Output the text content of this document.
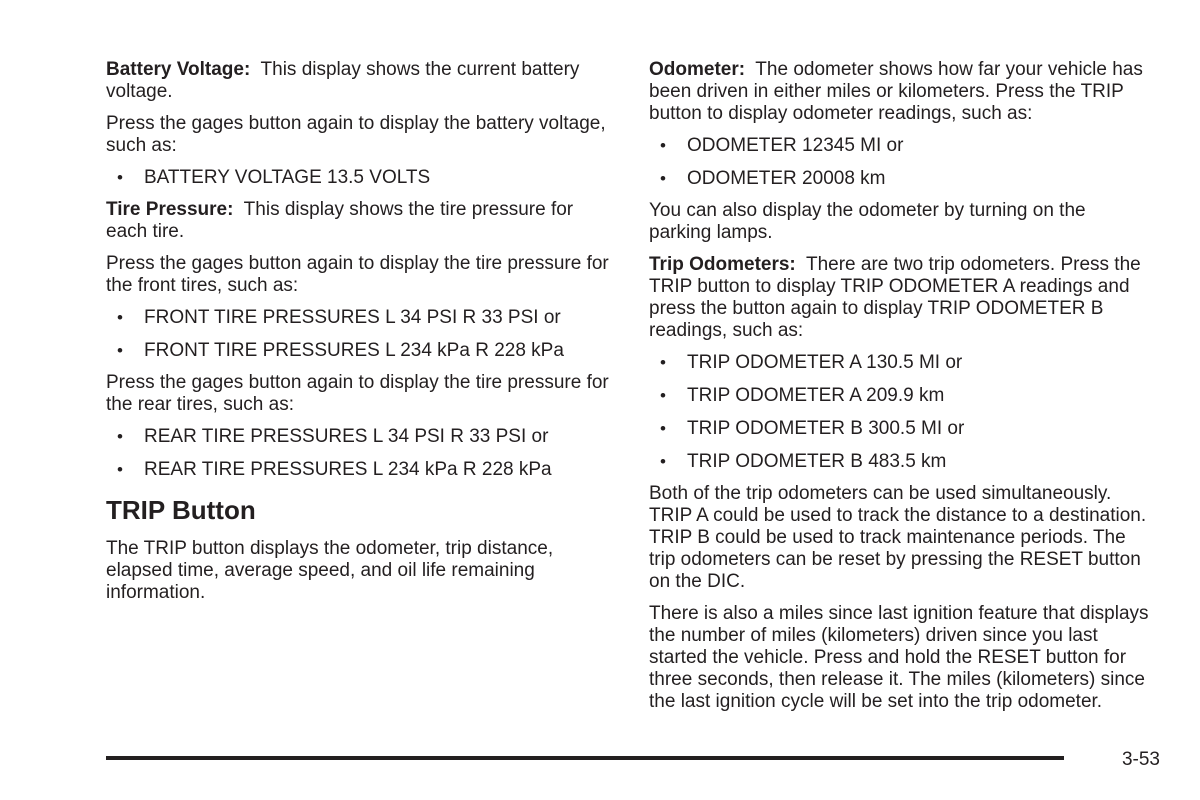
Battery Voltage: This display shows the current battery voltage.

Press the gages button again to display the battery voltage, such as:

• BATTERY VOLTAGE 13.5 VOLTS

Tire Pressure: This display shows the tire pressure for each tire.

Press the gages button again to display the tire pressure for the front tires, such as:

• FRONT TIRE PRESSURES L 34 PSI R 33 PSI or
• FRONT TIRE PRESSURES L 234 kPa R 228 kPa

Press the gages button again to display the tire pressure for the rear tires, such as:

• REAR TIRE PRESSURES L 34 PSI R 33 PSI or
• REAR TIRE PRESSURES L 234 kPa R 228 kPa
TRIP Button

The TRIP button displays the odometer, trip distance, elapsed time, average speed, and oil life remaining information.

Odometer: The odometer shows how far your vehicle has been driven in either miles or kilometers. Press the TRIP button to display odometer readings, such as:

• ODOMETER 12345 MI or
• ODOMETER 20008 km

You can also display the odometer by turning on the parking lamps.

Trip Odometers: There are two trip odometers. Press the TRIP button to display TRIP ODOMETER A readings and press the button again to display TRIP ODOMETER B readings, such as:

• TRIP ODOMETER A 130.5 MI or
• TRIP ODOMETER A 209.9 km
• TRIP ODOMETER B 300.5 MI or
• TRIP ODOMETER B 483.5 km

Both of the trip odometers can be used simultaneously. TRIP A could be used to track the distance to a destination. TRIP B could be used to track maintenance periods. The trip odometers can be reset by pressing the RESET button on the DIC.

There is also a miles since last ignition feature that displays the number of miles (kilometers) driven since you last started the vehicle. Press and hold the RESET button for three seconds, then release it. The miles (kilometers) since the last ignition cycle will be set into the trip odometer.

3-53
